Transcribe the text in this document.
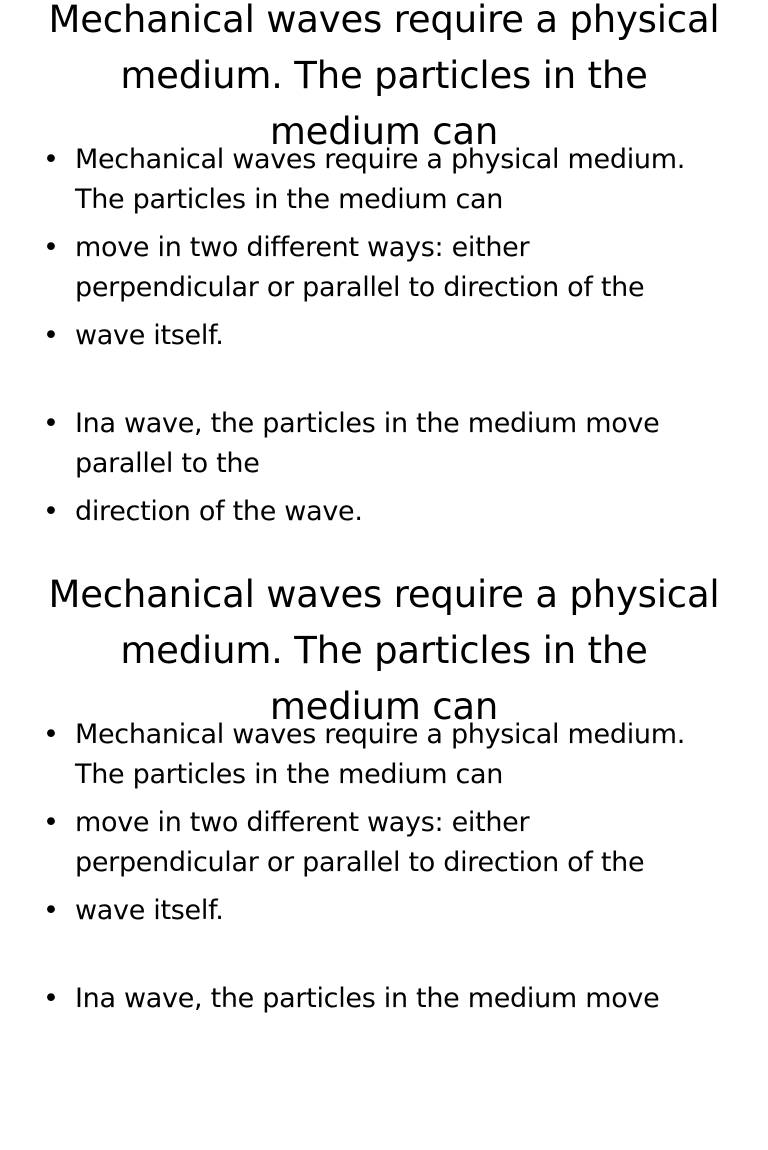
Mechanical waves require a physical medium. The particles in the medium can
• Mechanical waves require a physical medium. The particles in the medium can
• move in two different ways: either perpendicular or parallel to direction of the
• wave itself.
• Ina wave, the particles in the medium move parallel to the
• direction of the wave.
Mechanical waves require a physical medium. The particles in the medium can
• Mechanical waves require a physical medium. The particles in the medium can
• move in two different ways: either perpendicular or parallel to direction of the
• wave itself.
• Ina wave, the particles in the medium move
